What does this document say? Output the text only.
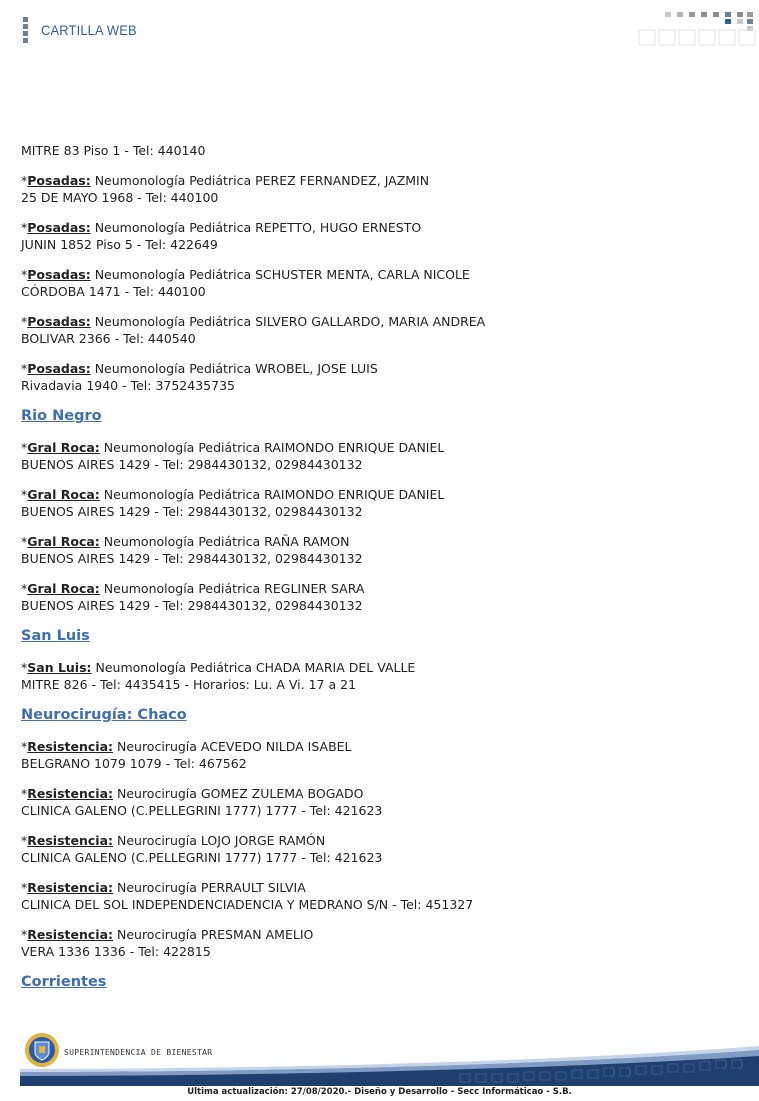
CARTILLA WEB
MITRE 83 Piso 1 - Tel: 440140
*Posadas: Neumonología Pediátrica PEREZ FERNANDEZ, JAZMIN
25 DE MAYO 1968 - Tel: 440100
*Posadas: Neumonología Pediátrica REPETTO, HUGO ERNESTO
JUNIN 1852 Piso 5 - Tel: 422649
*Posadas: Neumonología Pediátrica SCHUSTER MENTA, CARLA NICOLE
CÓRDOBA 1471 - Tel: 440100
*Posadas: Neumonología Pediátrica SILVERO GALLARDO, MARIA ANDREA
BOLIVAR 2366 - Tel: 440540
*Posadas: Neumonología Pediátrica WROBEL, JOSE LUIS
Rivadavia 1940 - Tel: 3752435735
Rio Negro
*Gral Roca: Neumonología Pediátrica RAIMONDO ENRIQUE DANIEL
BUENOS AIRES 1429 - Tel: 2984430132, 02984430132
*Gral Roca: Neumonología Pediátrica RAIMONDO ENRIQUE DANIEL
BUENOS AIRES 1429 - Tel: 2984430132, 02984430132
*Gral Roca: Neumonología Pediátrica RAÑA RAMON
BUENOS AIRES 1429 - Tel: 2984430132, 02984430132
*Gral Roca: Neumonología Pediátrica REGLINER SARA
BUENOS AIRES 1429 - Tel: 2984430132, 02984430132
San Luis
*San Luis: Neumonología Pediátrica CHADA MARIA DEL VALLE
MITRE 826 - Tel: 4435415 - Horarios: Lu. A Vi. 17 a 21
Neurocirugía: Chaco
*Resistencia: Neurocirugía ACEVEDO NILDA ISABEL
BELGRANO 1079 1079 - Tel: 467562
*Resistencia: Neurocirugía GOMEZ ZULEMA BOGADO
CLINICA GALENO (C.PELLEGRINI 1777) 1777 - Tel: 421623
*Resistencia: Neurocirugía LOJO JORGE RAMÓN
CLINICA GALENO (C.PELLEGRINI 1777) 1777 - Tel: 421623
*Resistencia: Neurocirugía PERRAULT SILVIA
CLINICA DEL SOL INDEPENDENCIADENCIA Y MEDRANO S/N - Tel: 451327
*Resistencia: Neurocirugía PRESMAN AMELIO
VERA 1336 1336 - Tel: 422815
Corrientes
SUPERINTENDENCIA DE BIENESTAR
Ultima actualización: 27/08/2020.- Diseño y Desarrollo - Secc Informáticao - S.B.
